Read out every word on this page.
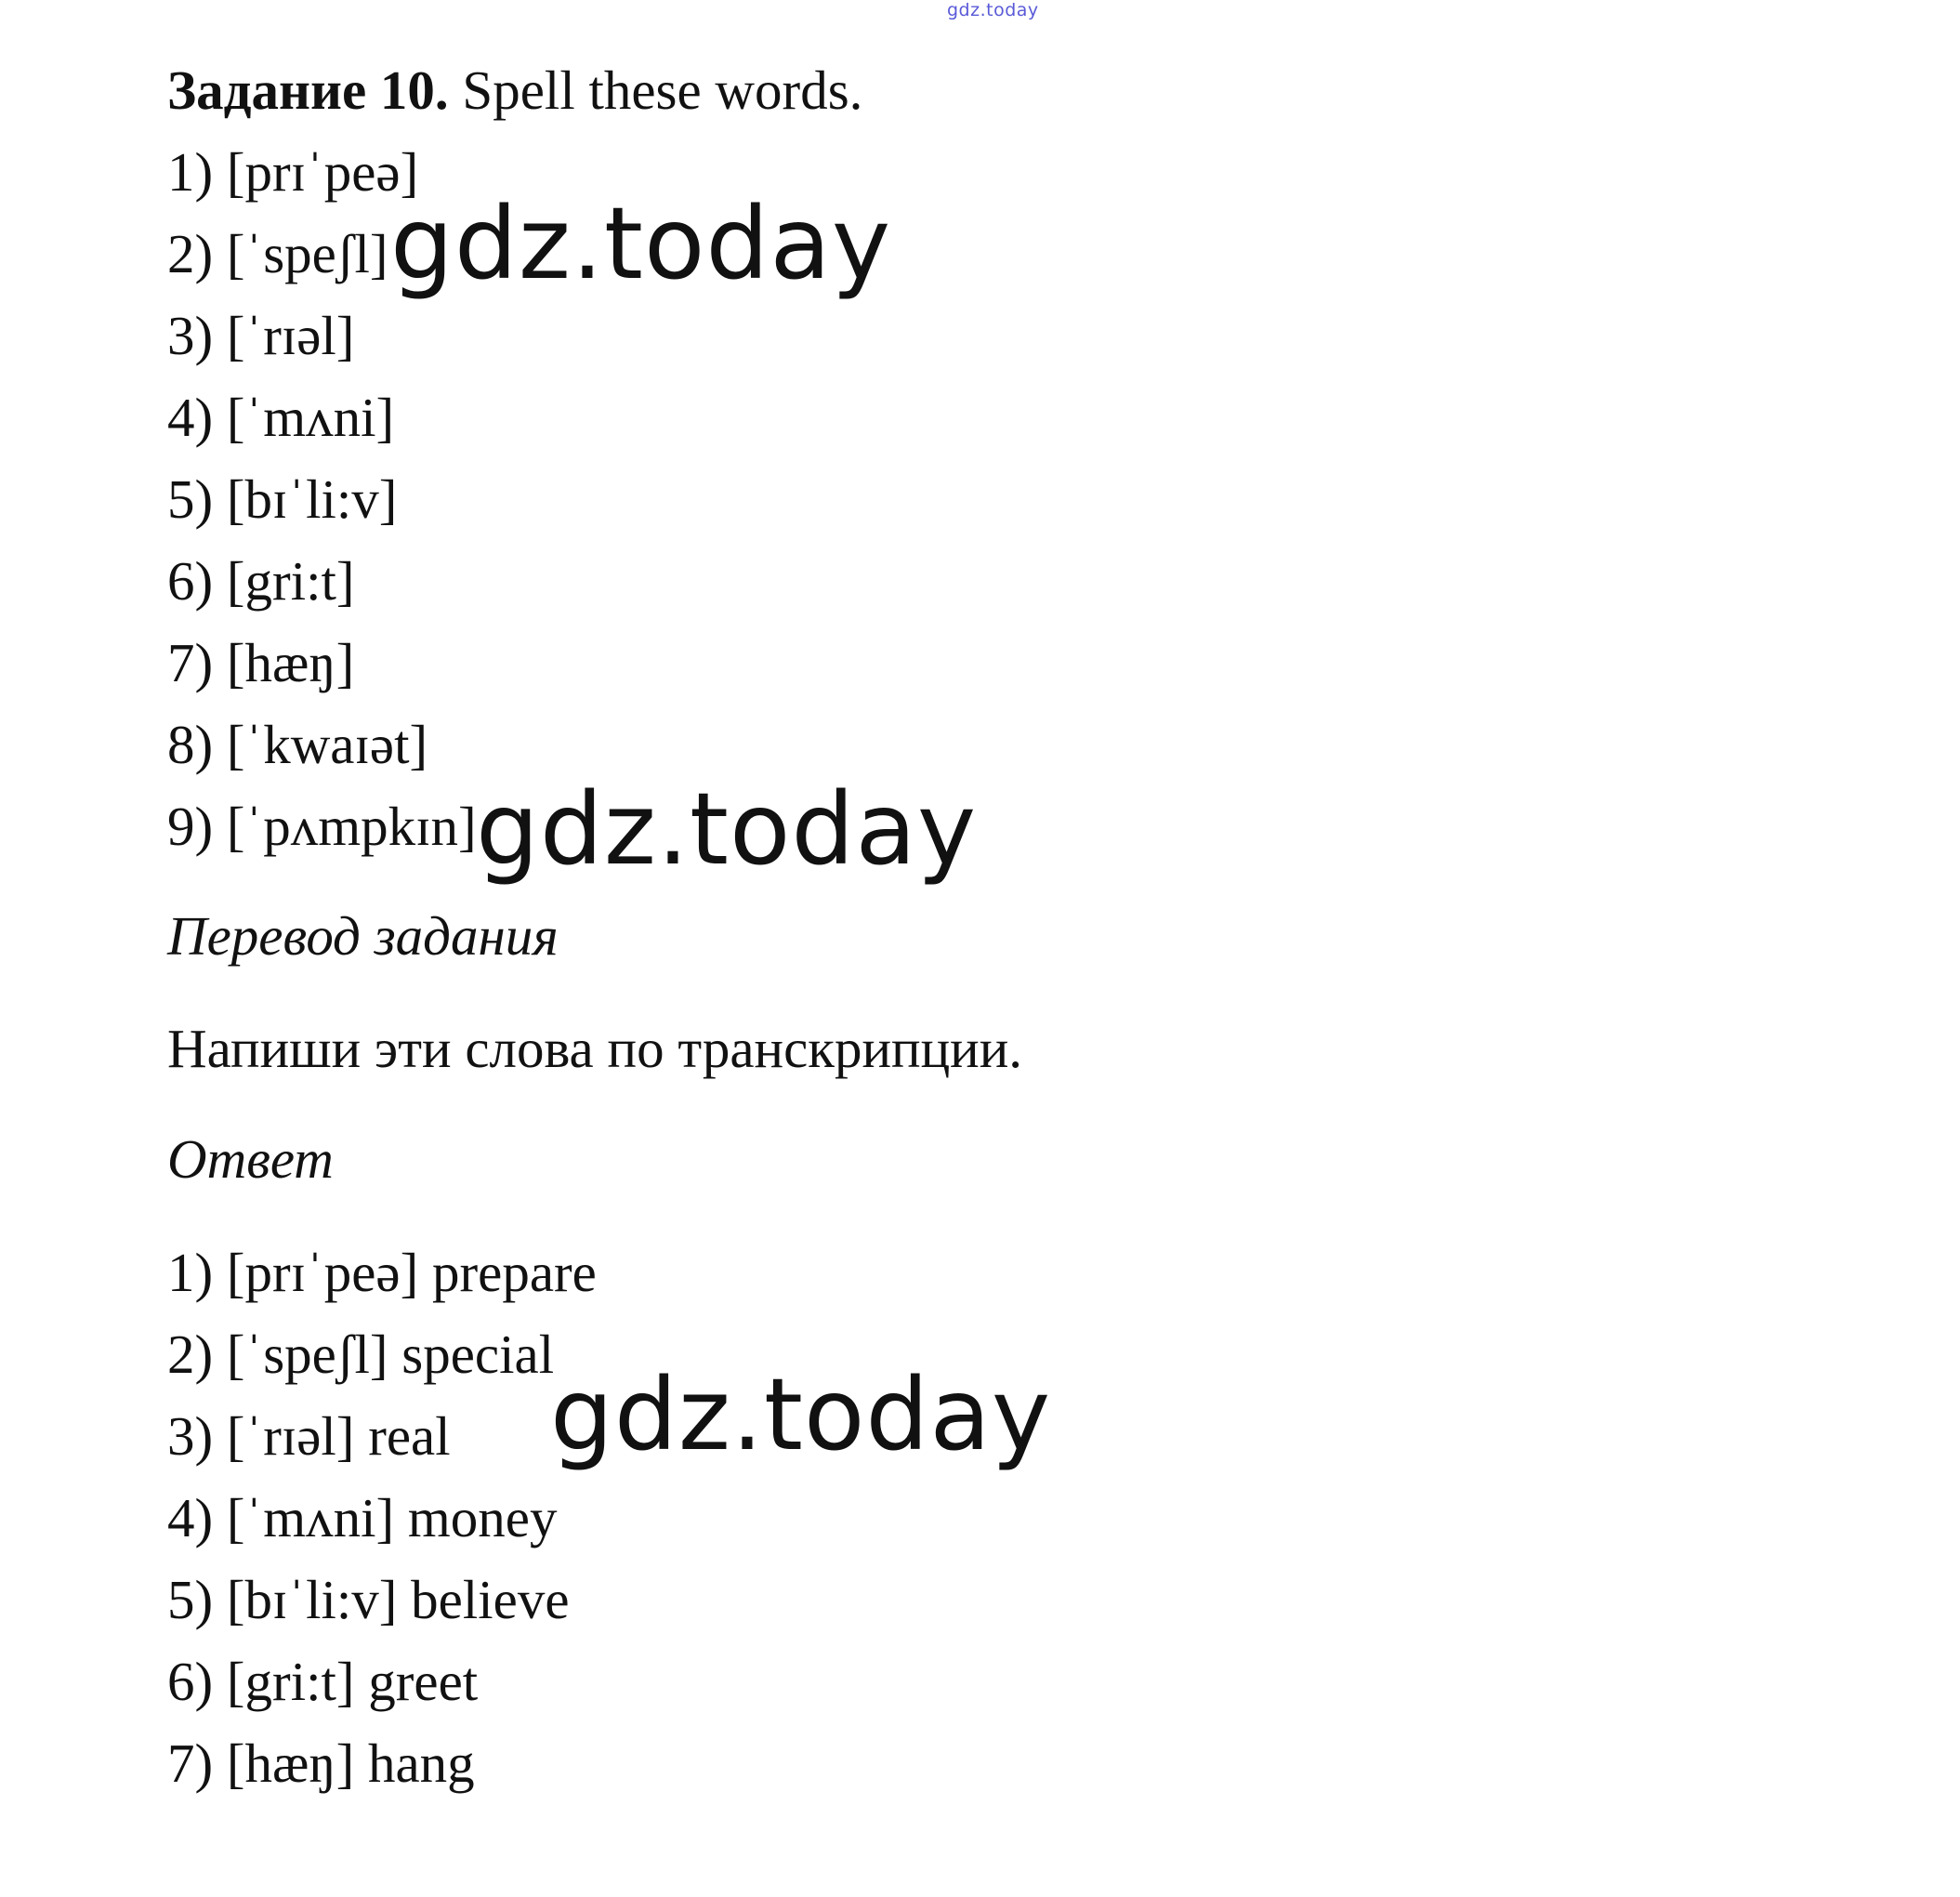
gdz.today
Задание 10. Spell these words.
1) [prɪˈpeə]
2) [ˈspeʃl]
3) [ˈrɪəl]
4) [ˈmʌni]
5) [bɪˈli:v]
6) [gri:t]
7) [hæŋ]
8) [ˈkwaɪət]
9) [ˈpʌmpkɪn]
Перевод задания
Напиши эти слова по транскрипции.
Ответ
1) [prɪˈpeə] prepare
2) [ˈspeʃl] special
3) [ˈrɪəl] real
4) [ˈmʌni] money
5) [bɪˈli:v] believe
6) [gri:t] greet
7) [hæŋ] hang
gdz.today
gdz.today
gdz.today
